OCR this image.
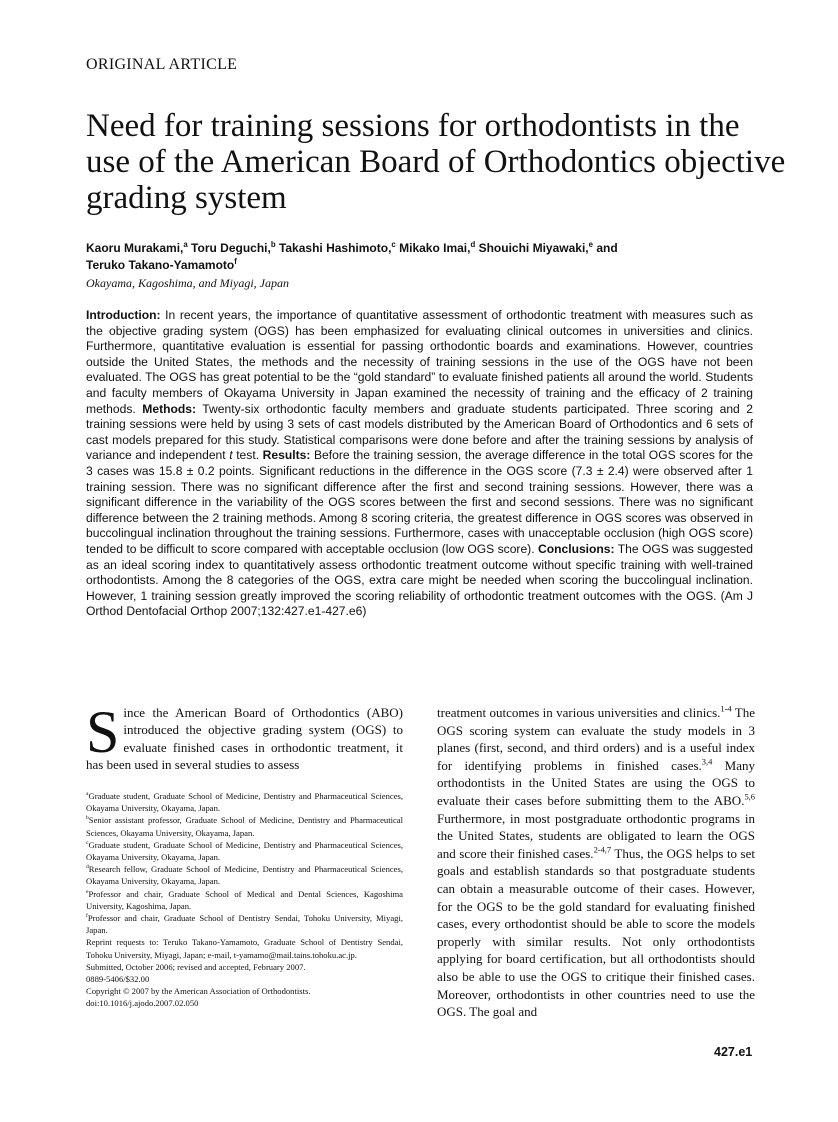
ORIGINAL ARTICLE
Need for training sessions for orthodontists in the use of the American Board of Orthodontics objective grading system
Kaoru Murakami,$^a$ Toru Deguchi,$^b$ Takashi Hashimoto,$^c$ Mikako Imai,$^d$ Shouichi Miyawaki,$^e$ and
Teruko Takano-Yamamoto$^f$
Okayama, Kagoshima, and Miyagi, Japan

Introduction: In recent years, the importance of quantitative assessment of orthodontic treatment with measures such as the objective grading system (OGS) has been emphasized for evaluating clinical outcomes in universities and clinics. Furthermore, quantitative evaluation is essential for passing orthodontic boards and examinations. However, countries outside the United States, the methods and the necessity of training sessions in the use of the OGS have not been evaluated. The OGS has great potential to be the “gold standard” to evaluate finished patients all around the world. Students and faculty members of Okayama University in Japan examined the necessity of training and the efficacy of 2 training methods. Methods: Twenty-six orthodontic faculty members and graduate students participated. Three scoring and 2 training sessions were held by using 3 sets of cast models distributed by the American Board of Orthodontics and 6 sets of cast models prepared for this study. Statistical comparisons were done before and after the training sessions by analysis of variance and independent t test. Results: Before the training session, the average difference in the total OGS scores for the 3 cases was 15.8 ± 0.2 points. Significant reductions in the difference in the OGS score (7.3 ± 2.4) were observed after 1 training session. There was no significant difference after the first and second training sessions. However, there was a significant difference in the variability of the OGS scores between the first and second sessions. There was no significant difference between the 2 training methods. Among 8 scoring criteria, the greatest difference in OGS scores was observed in buccolingual inclination throughout the training sessions. Furthermore, cases with unacceptable occlusion (high OGS score) tended to be difficult to score compared with acceptable occlusion (low OGS score). Conclusions: The OGS was suggested as an ideal scoring index to quantitatively assess orthodontic treatment outcome without specific training with well-trained orthodontists. Among the 8 categories of the OGS, extra care might be needed when scoring the buccolingual inclination. However, 1 training session greatly improved the scoring reliability of orthodontic treatment outcomes with the OGS. (Am J Orthod Dentofacial Orthop 2007;132:427.e1-427.e6)

Since the American Board of Orthodontics (ABO) introduced the objective grading system (OGS) to evaluate finished cases in orthodontic treatment, it has been used in several studies to assess

$^a$Graduate student, Graduate School of Medicine, Dentistry and Pharmaceutical Sciences, Okayama University, Okayama, Japan.

$^b$Senior assistant professor, Graduate School of Medicine, Dentistry and Pharmaceutical Sciences, Okayama University, Okayama, Japan.

$^c$Graduate student, Graduate School of Medicine, Dentistry and Pharmaceutical Sciences, Okayama University, Okayama, Japan.

$^d$Research fellow, Graduate School of Medicine, Dentistry and Pharmaceutical Sciences, Okayama University, Okayama, Japan.

$^e$Professor and chair, Graduate School of Medical and Dental Sciences, Kagoshima University, Kagoshima, Japan.

$^f$Professor and chair, Graduate School of Dentistry Sendai, Tohoku University, Miyagi, Japan.

Reprint requests to: Teruko Takano-Yamamoto, Graduate School of Dentistry Sendai, Tohoku University, Miyagi, Japan; e-mail, t-yamamo@mail.tains.tohoku.ac.jp.

Submitted, October 2006; revised and accepted, February 2007.

0889-5406/$32.00

Copyright © 2007 by the American Association of Orthodontists.

doi:10.1016/j.ajodo.2007.02.050

treatment outcomes in various universities and clinics.$^{1-4}$ The OGS scoring system can evaluate the study models in 3 planes (first, second, and third orders) and is a useful index for identifying problems in finished cases.$^{3,4}$ Many orthodontists in the United States are using the OGS to evaluate their cases before submitting them to the ABO.$^{5,6}$ Furthermore, in most postgraduate orthodontic programs in the United States, students are obligated to learn the OGS and score their finished cases.$^{2-4,7}$ Thus, the OGS helps to set goals and establish standards so that postgraduate students can obtain a measurable outcome of their cases. However, for the OGS to be the gold standard for evaluating finished cases, every orthodontist should be able to score the models properly with similar results. Not only orthodontists applying for board certification, but all orthodontists should also be able to use the OGS to critique their finished cases. Moreover, orthodontists in other countries need to use the OGS. The goal and

427.e1
